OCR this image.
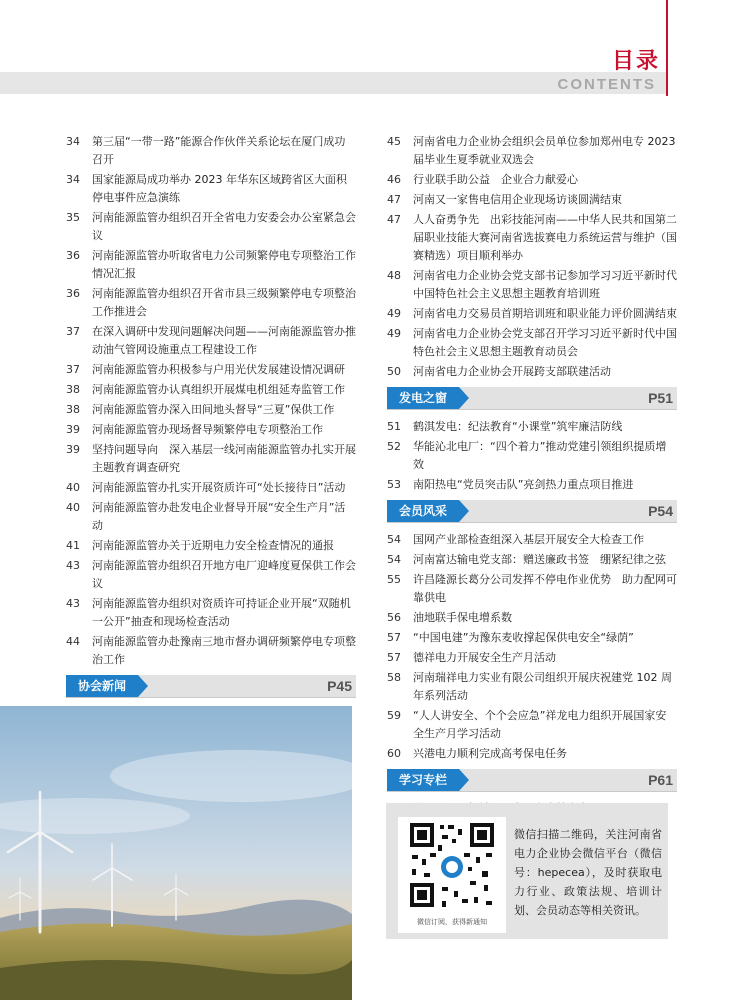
目录
CONTENTS
34	第三届“一带一路”能源合作伙伴关系论坛在厦门成功召开
34	国家能源局成功举办 2023 年华东区域跨省区大面积停电事件应急演练
35	河南能源监管办组织召开全省电力安委会办公室紧急会议
36	河南能源监管办听取省电力公司频繁停电专项整治工作情况汇报
36	河南能源监管办组织召开省市县三级频繁停电专项整治工作推进会
37	在深入调研中发现问题解决问题——河南能源监管办推动油气管网设施重点工程建设工作
37	河南能源监管办积极参与户用光伏发展建设情况调研
38	河南能源监管办认真组织开展煤电机组延寿监管工作
38	河南能源监管办深入田间地头督导“三夏”保供工作
39	河南能源监管办现场督导频繁停电专项整治工作
39	坚持问题导向　深入基层一线河南能源监管办扎实开展主题教育调查研究
40	河南能源监管办扎实开展资质许可“处长接待日”活动
40	河南能源监管办赴发电企业督导开展“安全生产月”活动
41	河南能源监管办关于近期电力安全检查情况的通报
43	河南能源监管办组织召开地方电厂迎峰度夏保供工作会议
43	河南能源监管办组织对资质许可持证企业开展“双随机一公开”抽查和现场检查活动
44	河南能源监管办赴豫南三地市督办调研频繁停电专项整治工作
协会新闻	P45
45	河南省电力企业协会组织会员单位参加郑州电专 2023 届毕业生夏季就业双选会
46	行业联手助公益　企业合力献爱心
47	河南又一家售电信用企业现场访谈圆满结束
47	人人奋勇争先　出彩技能河南——中华人民共和国第二届职业技能大赛河南省选拔赛电力系统运营与维护（国赛精选）项目顺利举办
48	河南省电力企业协会党支部书记参加学习习近平新时代中国特色社会主义思想主题教育培训班
49	河南省电力交易员首期培训班和职业能力评价圆满结束
49	河南省电力企业协会党支部召开学习习近平新时代中国特色社会主义思想主题教育动员会
50	河南省电力企业协会开展跨支部联建活动
发电之窗	P51
51	鹤淇发电：纪法教育“小课堂”筑牢廉洁防线
52	华能沁北电厂：“四个着力”推动党建引领组织提质增效
53	南阳热电“党员突击队”亮剑热力重点项目推进
会员风采	P54
54	国网产业部检查组深入基层开展安全大检查工作
54	河南富达输电党支部：赠送廉政书签　绷紧纪律之弦
55	许昌隆源长葛分公司发挥不停电作业优势　助力配网可靠供电
56	油地联手保电增系数
57	“中国电建”为豫东麦收撑起保供电安全“绿荫”
57	德祥电力开展安全生产月活动
58	河南瑞祥电力实业有限公司组织开展庆祝建党 102 周年系列活动
59	“人人讲安全、个个会应急”祥龙电力组织开展国家安全生产月学习活动
60	兴港电力顺利完成高考保电任务
学习专栏	P61
微信订阅，获得新通知
微信扫描二维码，关注河南省电力企业协会微信平台（微信号：hepecea），及时获取电力行业、政策法规、培训计划、会员动态等相关资讯。
